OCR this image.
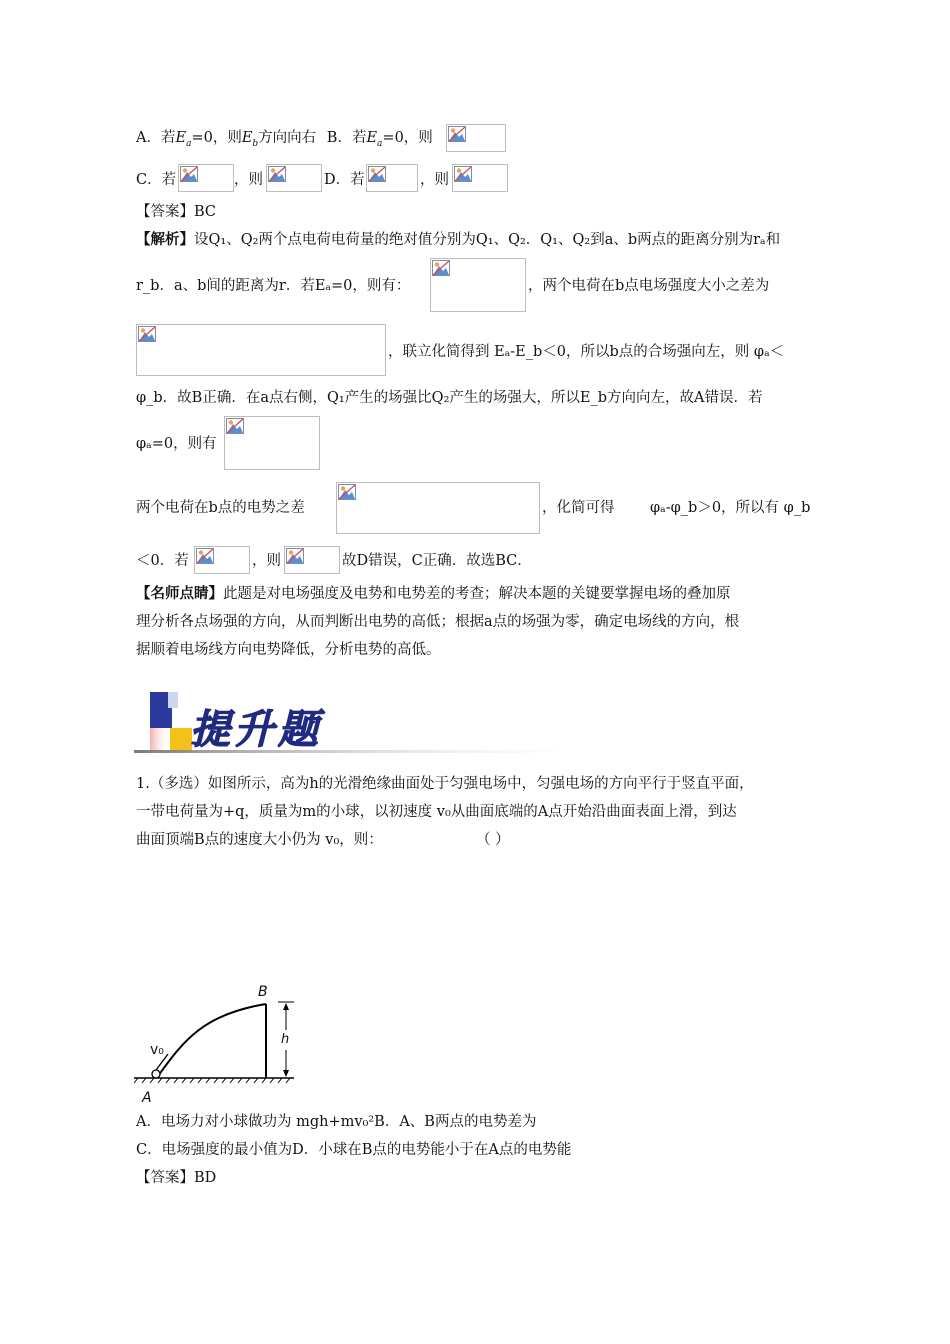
A．若$E_a=0$，则$E_b$方向向右 B．若$E_a=0$，则
C．若	，则	D．若	，则
【答案】BC
【解析】设Q₁、Q₂两个点电荷电荷量的绝对值分别为Q₁、Q₂．Q₁、Q₂到a、b两点的距离分别为rₐ和
r_b．a、b间的距离为r．若Eₐ=0，则有：	，两个电荷在b点电场强度大小之差为
，联立化简得到 Eₐ-E_b＜0，所以b点的合场强向左，则 φₐ＜
φ_b．故B正确．在a点右侧，Q₁产生的场强比Q₂产生的场强大，所以E_b方向向左，故A错误．若
φₐ=0，则有
两个电荷在b点的电势之差	，化简可得 φₐ-φ_b＞0，所以有 φ_b
＜0．若	，则	故D错误，C正确．故选BC．
【名师点睛】此题是对电场强度及电势和电势差的考查；解决本题的关键要掌握电场的叠加原
理分析各点场强的方向，从而判断出电势的高低；根据a点的场强为零，确定电场线的方向，根
据顺着电场线方向电势降低，分析电势的高低。
提升题
1.（多选）如图所示，高为h的光滑绝缘曲面处于匀强电场中，匀强电场的方向平行于竖直平面，
一带电荷量为+q，质量为m的小球，以初速度 v₀从曲面底端的A点开始沿曲面表面上滑，到达
曲面顶端B点的速度大小仍为 v₀，则：	（ ）
B
h
v₀
A
A．电场力对小球做功为 mgh+mv₀²B．A、B两点的电势差为
C．电场强度的最小值为D．小球在B点的电势能小于在A点的电势能
【答案】BD
